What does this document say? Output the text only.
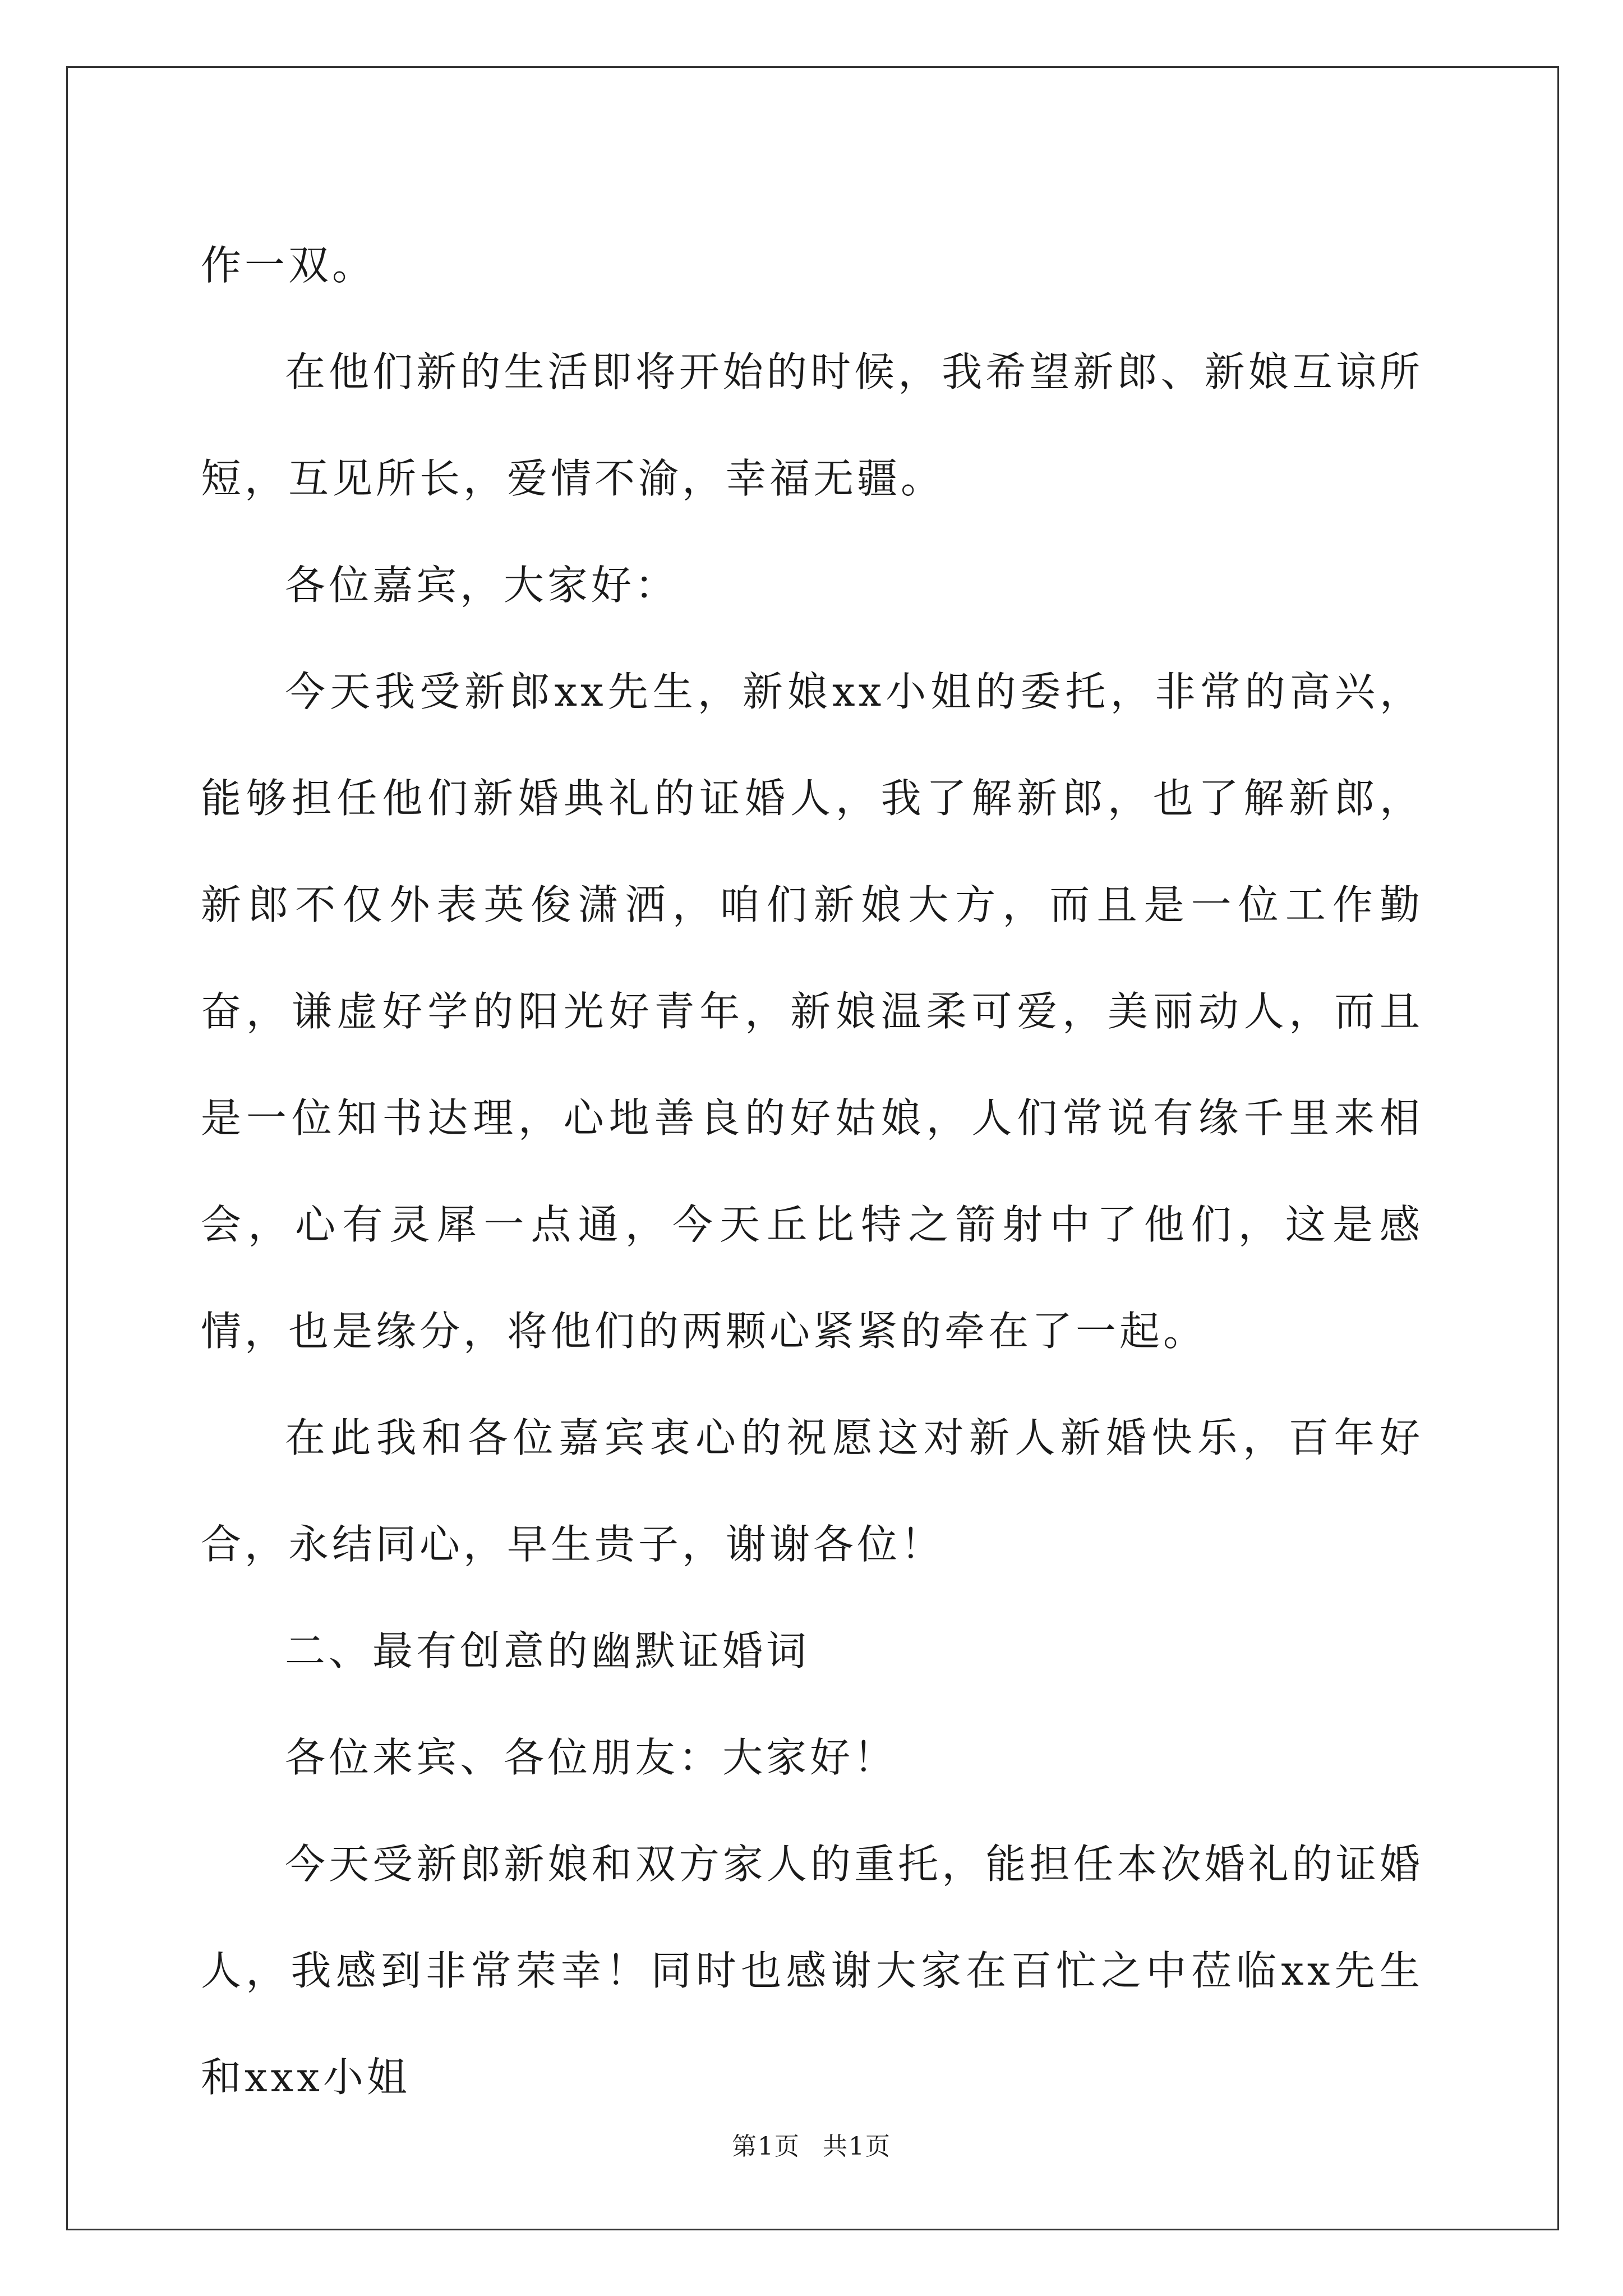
作一双。

在他们新的生活即将开始的时候，我希望新郎、新娘互谅所短，互见所长，爱情不渝，幸福无疆。

各位嘉宾，大家好：

今天我受新郎xx先生，新娘xx小姐的委托，非常的高兴，能够担任他们新婚典礼的证婚人，我了解新郎，也了解新郎，新郎不仅外表英俊潇洒，咱们新娘大方，而且是一位工作勤奋，谦虚好学的阳光好青年，新娘温柔可爱，美丽动人，而且是一位知书达理，心地善良的好姑娘，人们常说有缘千里来相会，心有灵犀一点通，今天丘比特之箭射中了他们，这是感情，也是缘分，将他们的两颗心紧紧的牵在了一起。

在此我和各位嘉宾衷心的祝愿这对新人新婚快乐，百年好合，永结同心，早生贵子，谢谢各位！

二、最有创意的幽默证婚词

各位来宾、各位朋友：大家好！

今天受新郎新娘和双方家人的重托，能担任本次婚礼的证婚人，我感到非常荣幸！同时也感谢大家在百忙之中莅临xx先生和xxx小姐

第1页 共1页
